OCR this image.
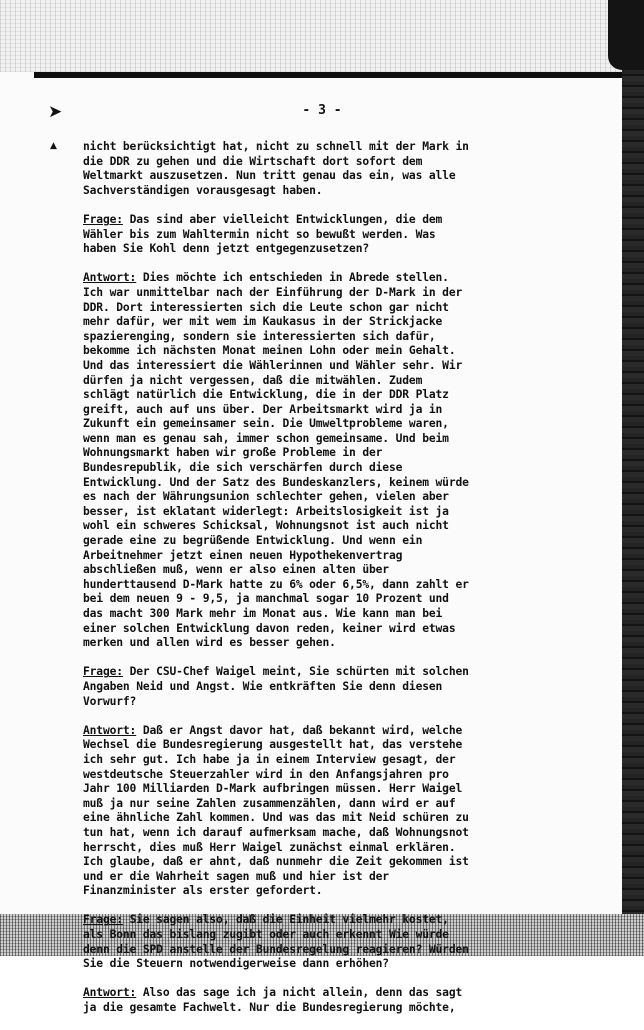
➤
▲
- 3 -

nicht berücksichtigt hat, nicht zu schnell mit der Mark in
die DDR zu gehen und die Wirtschaft dort sofort dem
Weltmarkt auszusetzen. Nun tritt genau das ein, was alle
Sachverständigen vorausgesagt haben.

Frage: Das sind aber vielleicht Entwicklungen, die dem
Wähler bis zum Wahltermin nicht so bewußt werden. Was
haben Sie Kohl denn jetzt entgegenzusetzen?

Antwort: Dies möchte ich entschieden in Abrede stellen.
Ich war unmittelbar nach der Einführung der D-Mark in der
DDR. Dort interessierten sich die Leute schon gar nicht
mehr dafür, wer mit wem im Kaukasus in der Strickjacke
spazierenging, sondern sie interessierten sich dafür,
bekomme ich nächsten Monat meinen Lohn oder mein Gehalt.
Und das interessiert die Wählerinnen und Wähler sehr. Wir
dürfen ja nicht vergessen, daß die mitwählen. Zudem
schlägt natürlich die Entwicklung, die in der DDR Platz
greift, auch auf uns über. Der Arbeitsmarkt wird ja in
Zukunft ein gemeinsamer sein. Die Umweltprobleme waren,
wenn man es genau sah, immer schon gemeinsame. Und beim
Wohnungsmarkt haben wir große Probleme in der
Bundesrepublik, die sich verschärfen durch diese
Entwicklung. Und der Satz des Bundeskanzlers, keinem würde
es nach der Währungsunion schlechter gehen, vielen aber
besser, ist eklatant widerlegt: Arbeitslosigkeit ist ja
wohl ein schweres Schicksal, Wohnungsnot ist auch nicht
gerade eine zu begrüßende Entwicklung. Und wenn ein
Arbeitnehmer jetzt einen neuen Hypothekenvertrag
abschließen muß, wenn er also einen alten über
hunderttausend D-Mark hatte zu 6% oder 6,5%, dann zahlt er
bei dem neuen 9 - 9,5, ja manchmal sogar 10 Prozent und
das macht 300 Mark mehr im Monat aus. Wie kann man bei
einer solchen Entwicklung davon reden, keiner wird etwas
merken und allen wird es besser gehen.

Frage: Der CSU-Chef Waigel meint, Sie schürten mit solchen
Angaben Neid und Angst. Wie entkräften Sie denn diesen
Vorwurf?

Antwort: Daß er Angst davor hat, daß bekannt wird, welche
Wechsel die Bundesregierung ausgestellt hat, das verstehe
ich sehr gut. Ich habe ja in einem Interview gesagt, der
westdeutsche Steuerzahler wird in den Anfangsjahren pro
Jahr 100 Milliarden D-Mark aufbringen müssen. Herr Waigel
muß ja nur seine Zahlen zusammenzählen, dann wird er auf
eine ähnliche Zahl kommen. Und was das mit Neid schüren zu
tun hat, wenn ich darauf aufmerksam mache, daß Wohnungsnot
herrscht, dies muß Herr Waigel zunächst einmal erklären.
Ich glaube, daß er ahnt, daß nunmehr die Zeit gekommen ist
und er die Wahrheit sagen muß und hier ist der
Finanzminister als erster gefordert.

Frage: Sie sagen also, daß die Einheit vielmehr kostet,
als Bonn das bislang zugibt oder auch erkennt Wie würde
denn die SPD anstelle der Bundesregelung reagieren? Würden
Sie die Steuern notwendigerweise dann erhöhen?

Antwort: Also das sage ich ja nicht allein, denn das sagt
ja die gesamte Fachwelt. Nur die Bundesregierung möchte,
